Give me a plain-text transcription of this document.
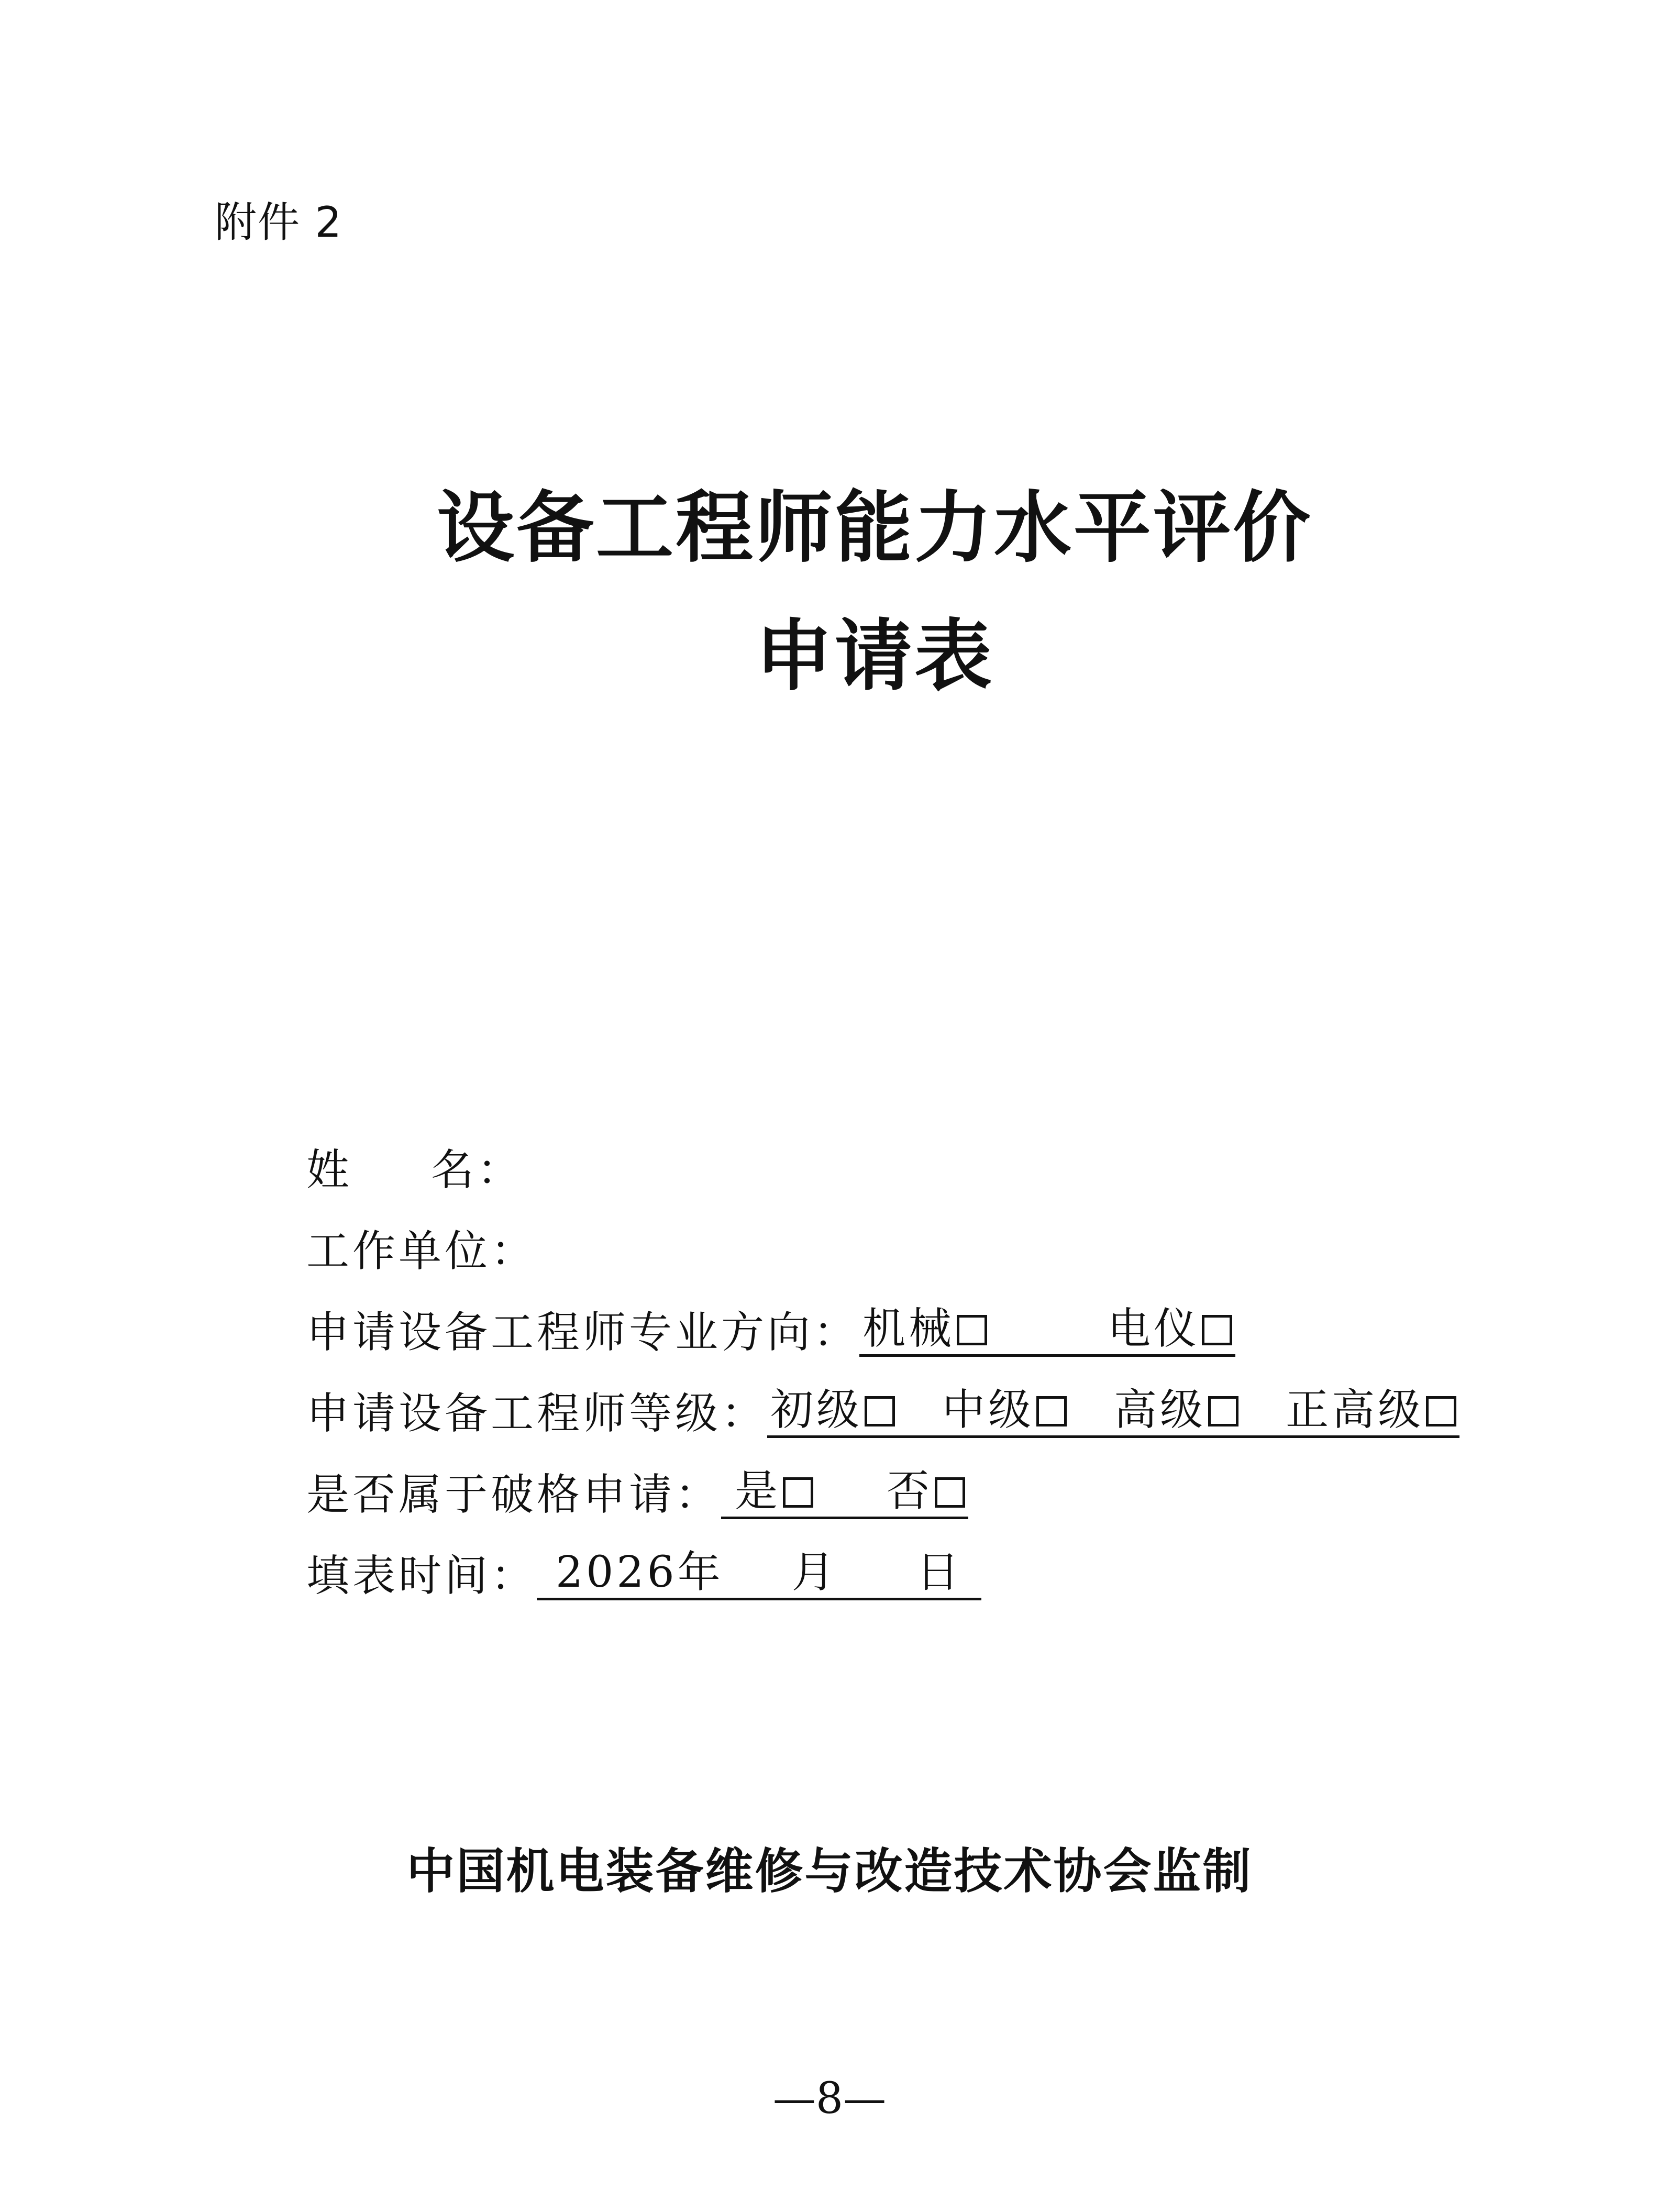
附件 2
设备工程师能力水平评价
申请表
姓 名：
工作单位：
申请设备工程师专业方向：机械	电仪
申请设备工程师等级：初级 中级 高级 正高级
是否属于破格申请： 是 否
填表时间： 2026年 月 日
中国机电装备维修与改造技术协会监制
—8—
